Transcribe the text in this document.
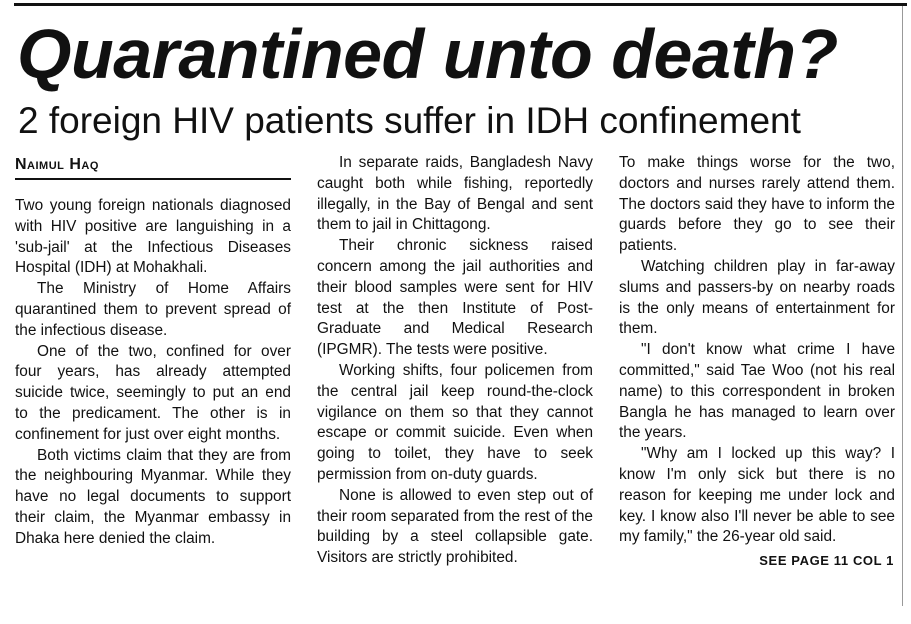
Quarantined unto death?
2 foreign HIV patients suffer in IDH confinement
Naimul Haq

Two young foreign nationals diagnosed with HIV positive are languishing in a 'sub-jail' at the Infectious Diseases Hospital (IDH) at Mohakhali.

The Ministry of Home Affairs quarantined them to prevent spread of the infectious disease.

One of the two, confined for over four years, has already attempted suicide twice, seemingly to put an end to the predicament. The other is in confinement for just over eight months.

Both victims claim that they are from the neighbouring Myanmar. While they have no legal documents to support their claim, the Myanmar embassy in Dhaka here denied the claim.

In separate raids, Bangladesh Navy caught both while fishing, reportedly illegally, in the Bay of Bengal and sent them to jail in Chittagong.

Their chronic sickness raised concern among the jail authorities and their blood samples were sent for HIV test at the then Institute of Post-Graduate and Medical Research (IPGMR). The tests were positive.

Working shifts, four policemen from the central jail keep round-the-clock vigilance on them so that they cannot escape or commit suicide. Even when going to toilet, they have to seek permission from on-duty guards.

None is allowed to even step out of their room separated from the rest of the building by a steel collapsible gate. Visitors are strictly prohibited.

To make things worse for the two, doctors and nurses rarely attend them. The doctors said they have to inform the guards before they go to see their patients.

Watching children play in far-away slums and passers-by on nearby roads is the only means of entertainment for them.

"I don't know what crime I have committed," said Tae Woo (not his real name) to this correspondent in broken Bangla he has managed to learn over the years.

"Why am I locked up this way? I know I'm only sick but there is no reason for keeping me under lock and key. I know also I'll never be able to see my family," the 26-year old said.

SEE PAGE 11 COL 1
